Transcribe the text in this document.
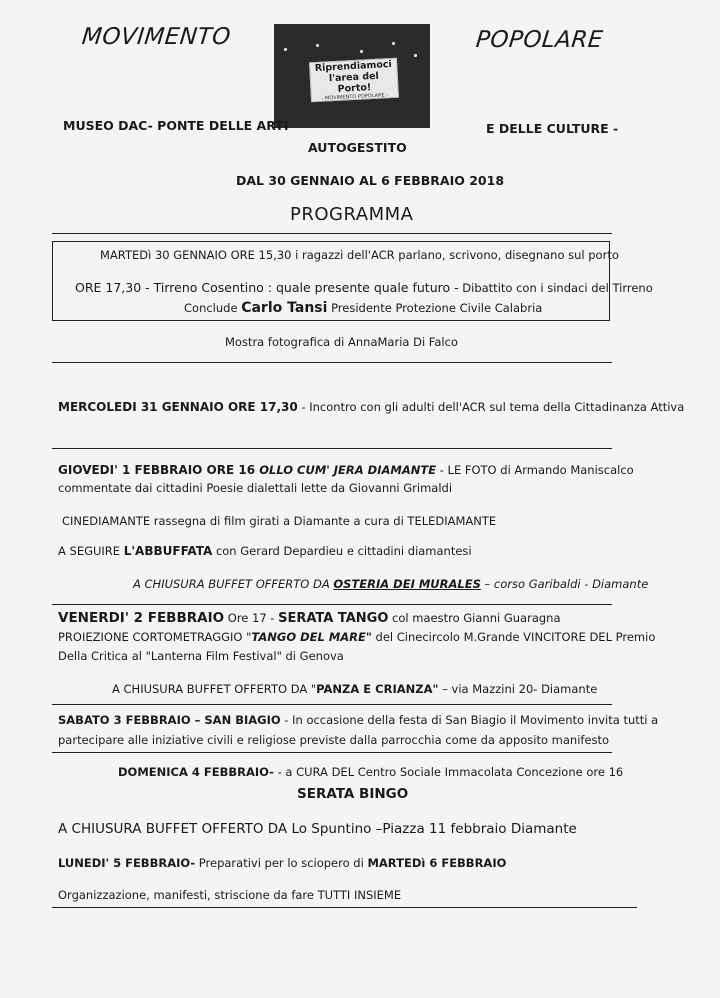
MOVIMENTO	POPOLARE
Riprendiamoci
l'area del Porto!
- MOVIMENTO POPOLARE -
MUSEO DAC- PONTE DELLE ARTI	E DELLE CULTURE -
AUTOGESTITO
DAL 30 GENNAIO AL 6 FEBBRAIO 2018
PROGRAMMA
MARTEDì 30 GENNAIO ORE 15,30 i ragazzi dell'ACR parlano, scrivono, disegnano sul porto
ORE 17,30 - Tirreno Cosentino : quale presente quale futuro - Dibattito con i sindaci del Tirreno
Conclude Carlo Tansi Presidente Protezione Civile Calabria
Mostra fotografica di AnnaMaria Di Falco
MERCOLEDI 31 GENNAIO ORE 17,30 - Incontro con gli adulti dell'ACR sul tema della Cittadinanza Attiva
GIOVEDI' 1 FEBBRAIO ORE 16 OLLO CUM' JERA DIAMANTE - LE FOTO di Armando Maniscalco
commentate dai cittadini Poesie dialettali lette da Giovanni Grimaldi
CINEDIAMANTE rassegna di film girati a Diamante a cura di TELEDIAMANTE
A SEGUIRE L'ABBUFFATA con Gerard Depardieu e cittadini diamantesi
A CHIUSURA BUFFET OFFERTO DA OSTERIA DEI MURALES – corso Garibaldi - Diamante
VENERDI' 2 FEBBRAIO Ore 17 - SERATA TANGO col maestro Gianni Guaragna
PROIEZIONE CORTOMETRAGGIO "TANGO DEL MARE" del Cinecircolo M.Grande VINCITORE DEL Premio
Della Critica al "Lanterna Film Festival" di Genova
A CHIUSURA BUFFET OFFERTO DA "PANZA E CRIANZA" – via Mazzini 20- Diamante
SABATO 3 FEBBRAIO – SAN BIAGIO - In occasione della festa di San Biagio il Movimento invita tutti a
partecipare alle iniziative civili e religiose previste dalla parrocchia come da apposito manifesto
DOMENICA 4 FEBBRAIO- - a CURA DEL Centro Sociale Immacolata Concezione ore 16
SERATA BINGO
A CHIUSURA BUFFET OFFERTO DA Lo Spuntino –Piazza 11 febbraio Diamante
LUNEDI' 5 FEBBRAIO- Preparativi per lo sciopero di MARTEDì 6 FEBBRAIO
Organizzazione, manifesti, striscione da fare TUTTI INSIEME
